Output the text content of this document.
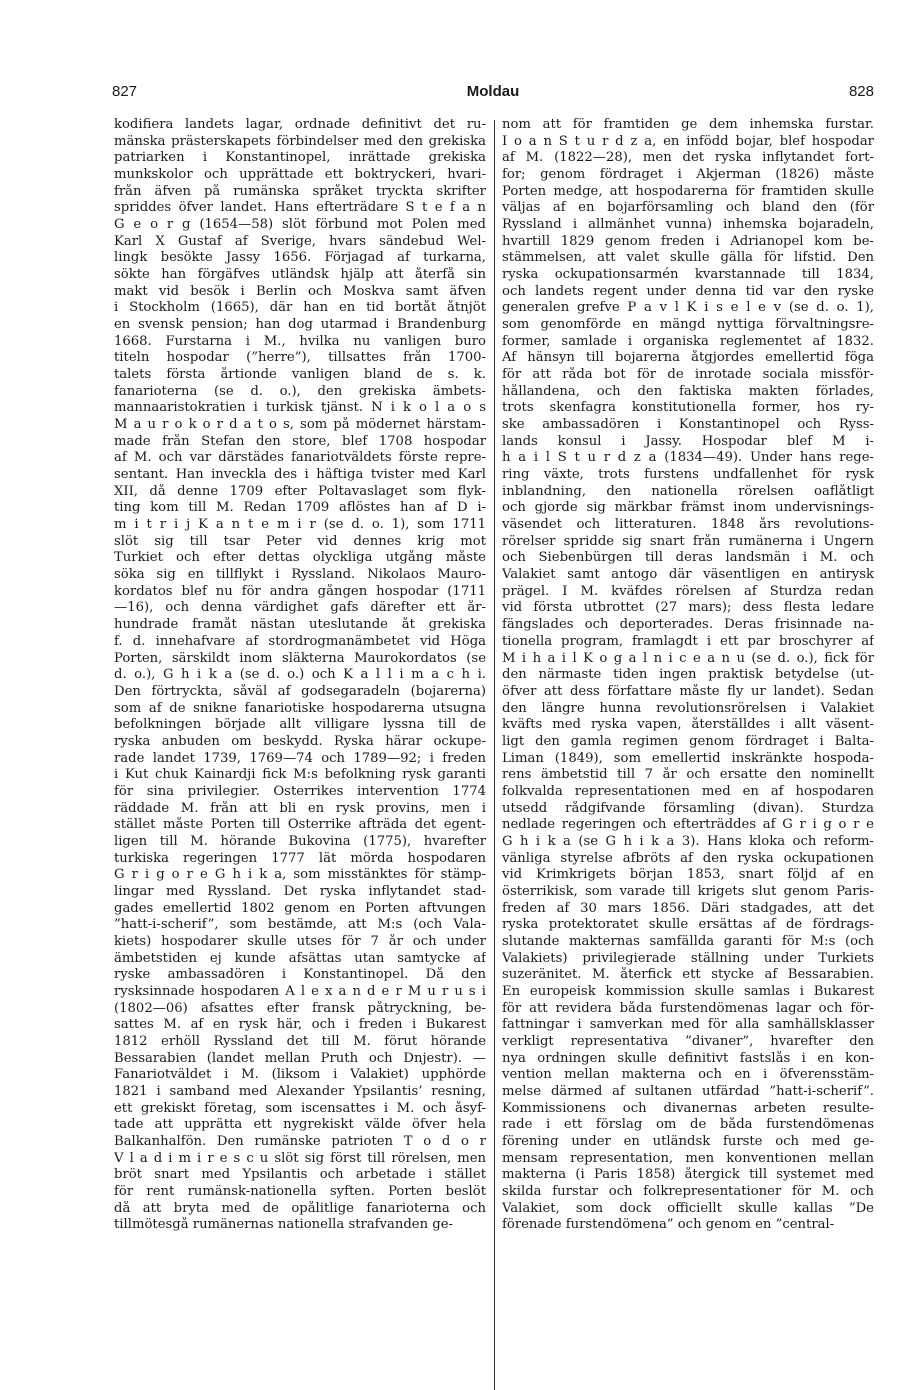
827	Moldau	828
kodifiera landets lagar, ordnade definitivt det ru-
mänska prästerskapets förbindelser med den grekiska
patriarken i Konstantinopel, inrättade grekiska
munkskolor och upprättade ett boktryckeri, hvari-
från äfven på rumänska språket tryckta skrifter
spriddes öfver landet. Hans efterträdare S t e f a n
G e o r g (1654—58) slöt förbund mot Polen med
Karl X Gustaf af Sverige, hvars sändebud Wel-
lingk besökte Jassy 1656. Förjagad af turkarna,
sökte han förgäfves utländsk hjälp att återfå sin
makt vid besök i Berlin och Moskva samt äfven
i Stockholm (1665), där han en tid bortåt åtnjöt
en svensk pension; han dog utarmad i Brandenburg
1668. Furstarna i M., hvilka nu vanligen buro
titeln hospodar (”herre”), tillsattes från 1700-
talets första årtionde vanligen bland de s. k.
fanarioterna (se d. o.), den grekiska ämbets-
mannaaristokratien i turkisk tjänst. N i k o l a o s
M a u r o k o r d a t o s, som på mödernet härstam-
made från Stefan den store, blef 1708 hospodar
af M. och var därstädes fanariotväldets förste repre-
sentant. Han inveckla des i häftiga tvister med Karl
XII, då denne 1709 efter Poltavaslaget som flyk-
ting kom till M. Redan 1709 aflöstes han af D i-
m i t r i j K a n t e m i r (se d. o. 1), som 1711
slöt sig till tsar Peter vid dennes krig mot
Turkiet och efter dettas olyckliga utgång måste
söka sig en tillflykt i Ryssland. Nikolaos Mauro-
kordatos blef nu för andra gången hospodar (1711
—16), och denna värdighet gafs därefter ett år-
hundrade framåt nästan uteslutande åt grekiska
f. d. innehafvare af stordrogmanämbetet vid Höga
Porten, särskildt inom släkterna Maurokordatos (se
d. o.), G h i k a (se d. o.) och K a l l i m a c h i.
Den förtryckta, såväl af godsegaradeln (bojarerna)
som af de snikne fanariotiske hospodarerna utsugna
befolkningen började allt villigare lyssna till de
ryska anbuden om beskydd. Ryska härar ockupe-
rade landet 1739, 1769—74 och 1789—92; i freden
i Kut chuk Kainardji fick M:s befolkning rysk garanti
för sina privilegier. Österrikes intervention 1774
räddade M. från att bli en rysk provins, men i
stället måste Porten till Österrike afträda det egent-
ligen till M. hörande Bukovina (1775), hvarefter
turkiska regeringen 1777 lät mörda hospodaren
G r i g o r e G h i k a, som misstänktes för stämp-
lingar med Ryssland. Det ryska inflytandet stad-
gades emellertid 1802 genom en Porten aftvungen
”hatt-i-scherif”, som bestämde, att M:s (och Vala-
kiets) hospodarer skulle utses för 7 år och under
ämbetstiden ej kunde afsättas utan samtycke af
ryske ambassadören i Konstantinopel. Då den
rysksinnade hospodaren A l e x a n d e r M u r u s i
(1802—06) afsattes efter fransk påtryckning, be-
sattes M. af en rysk här, och i freden i Bukarest
1812 erhöll Ryssland det till M. förut hörande
Bessarabien (landet mellan Pruth och Dnjestr). —
Fanariotväldet i M. (liksom i Valakiet) upphörde
1821 i samband med Alexander Ypsilantis’ resning,
ett grekiskt företag, som iscensattes i M. och åsyf-
tade att upprätta ett nygrekiskt välde öfver hela
Balkanhalfön. Den rumänske patrioten T o d o r
V l a d i m i r e s c u slöt sig först till rörelsen, men
bröt snart med Ypsilantis och arbetade i stället
för rent rumänsk-nationella syften. Porten beslöt
då att bryta med de opålitlige fanarioterna och
tillmötesgå rumänernas nationella strafvanden ge-
nom att för framtiden ge dem inhemska furstar.
I o a n S t u r d z a, en infödd bojar, blef hospodar
af M. (1822—28), men det ryska inflytandet fort-
for; genom fördraget i Akjerman (1826) måste
Porten medge, att hospodarerna för framtiden skulle
väljas af en bojarförsamling och bland den (för
Ryssland i allmänhet vunna) inhemska bojaradeln,
hvartill 1829 genom freden i Adrianopel kom be-
stämmelsen, att valet skulle gälla för lifstid. Den
ryska ockupationsarmén kvarstannade till 1834,
och landets regent under denna tid var den ryske
generalen grefve P a v l K i s e l e v (se d. o. 1),
som genomförde en mängd nyttiga förvaltningsre-
former, samlade i organiska reglementet af 1832.
Af hänsyn till bojarerna åtgjordes emellertid föga
för att råda bot för de inrotade sociala missför-
hållandena, och den faktiska makten förlades,
trots skenfagra konstitutionella former, hos ry-
ske ambassadören i Konstantinopel och Ryss-
lands konsul i Jassy. Hospodar blef M i-
h a i l S t u r d z a (1834—49). Under hans rege-
ring växte, trots furstens undfallenhet för rysk
inblandning, den nationella rörelsen oaflåtligt
och gjorde sig märkbar främst inom undervisnings-
väsendet och litteraturen. 1848 års revolutions-
rörelser spridde sig snart från rumänerna i Ungern
och Siebenbürgen till deras landsmän i M. och
Valakiet samt antogo där väsentligen en antirysk
prägel. I M. kväfdes rörelsen af Sturdza redan
vid första utbrottet (27 mars); dess flesta ledare
fängslades och deporterades. Deras frisinnade na-
tionella program, framlagdt i ett par broschyrer af
M i h a i l K o g a l n i c e a n u (se d. o.), fick för
den närmaste tiden ingen praktisk betydelse (ut-
öfver att dess författare måste fly ur landet). Sedan
den längre hunna revolutionsrörelsen i Valakiet
kväfts med ryska vapen, återställdes i allt väsent-
ligt den gamla regimen genom fördraget i Balta-
Liman (1849), som emellertid inskränkte hospoda-
rens ämbetstid till 7 år och ersatte den nominellt
folkvalda representationen med en af hospodaren
utsedd rådgifvande församling (divan). Sturdza
nedlade regeringen och efterträddes af G r i g o r e
G h i k a (se G h i k a 3). Hans kloka och reform-
vänliga styrelse afbröts af den ryska ockupationen
vid Krimkrigets början 1853, snart följd af en
österrikisk, som varade till krigets slut genom Paris-
freden af 30 mars 1856. Däri stadgades, att det
ryska protektoratet skulle ersättas af de fördrags-
slutande makternas samfällda garanti för M:s (och
Valakiets) privilegierade ställning under Turkiets
suzeränitet. M. återfick ett stycke af Bessarabien.
En europeisk kommission skulle samlas i Bukarest
för att revidera båda furstendömenas lagar och för-
fattningar i samverkan med för alla samhällsklasser
verkligt representativa ”divaner”, hvarefter den
nya ordningen skulle definitivt fastslås i en kon-
vention mellan makterna och en i öfverensstäm-
melse därmed af sultanen utfärdad ”hatt-i-scherif”.
Kommissionens och divanernas arbeten resulte-
rade i ett förslag om de båda furstendömenas
förening under en utländsk furste och med ge-
mensam representation, men konventionen mellan
makterna (i Paris 1858) återgick till systemet med
skilda furstar och folkrepresentationer för M. och
Valakiet, som dock officiellt skulle kallas ”De
förenade furstendömena” och genom en ”central-
